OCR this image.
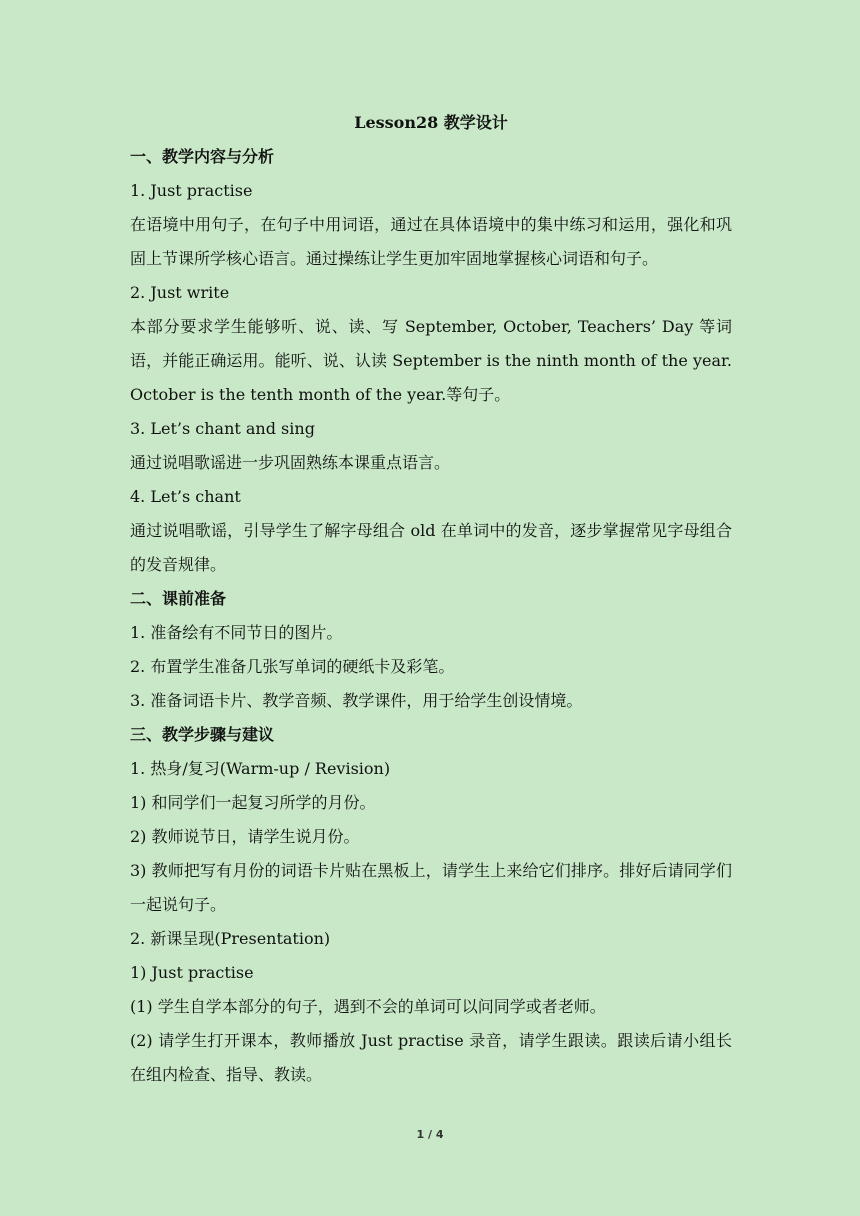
Lesson28 教学设计

一、教学内容与分析

1. Just practise

在语境中用句子，在句子中用词语，通过在具体语境中的集中练习和运用，强化和巩固上节课所学核心语言。通过操练让学生更加牢固地掌握核心词语和句子。

2. Just write

本部分要求学生能够听、说、读、写 September, October, Teachers’ Day 等词语，并能正确运用。能听、说、认读 September is the ninth month of the year. October is the tenth month of the year.等句子。

3. Let’s chant and sing

通过说唱歌谣进一步巩固熟练本课重点语言。

4. Let’s chant

通过说唱歌谣，引导学生了解字母组合 old 在单词中的发音，逐步掌握常见字母组合的发音规律。

二、课前准备

1. 准备绘有不同节日的图片。

2. 布置学生准备几张写单词的硬纸卡及彩笔。

3. 准备词语卡片、教学音频、教学课件，用于给学生创设情境。

三、教学步骤与建议

1. 热身/复习(Warm-up / Revision)

1) 和同学们一起复习所学的月份。

2) 教师说节日，请学生说月份。

3) 教师把写有月份的词语卡片贴在黑板上，请学生上来给它们排序。排好后请同学们一起说句子。

2. 新课呈现(Presentation)

1) Just practise

(1) 学生自学本部分的句子，遇到不会的单词可以问同学或者老师。

(2) 请学生打开课本，教师播放 Just practise 录音，请学生跟读。跟读后请小组长在组内检查、指导、教读。

1 / 4
